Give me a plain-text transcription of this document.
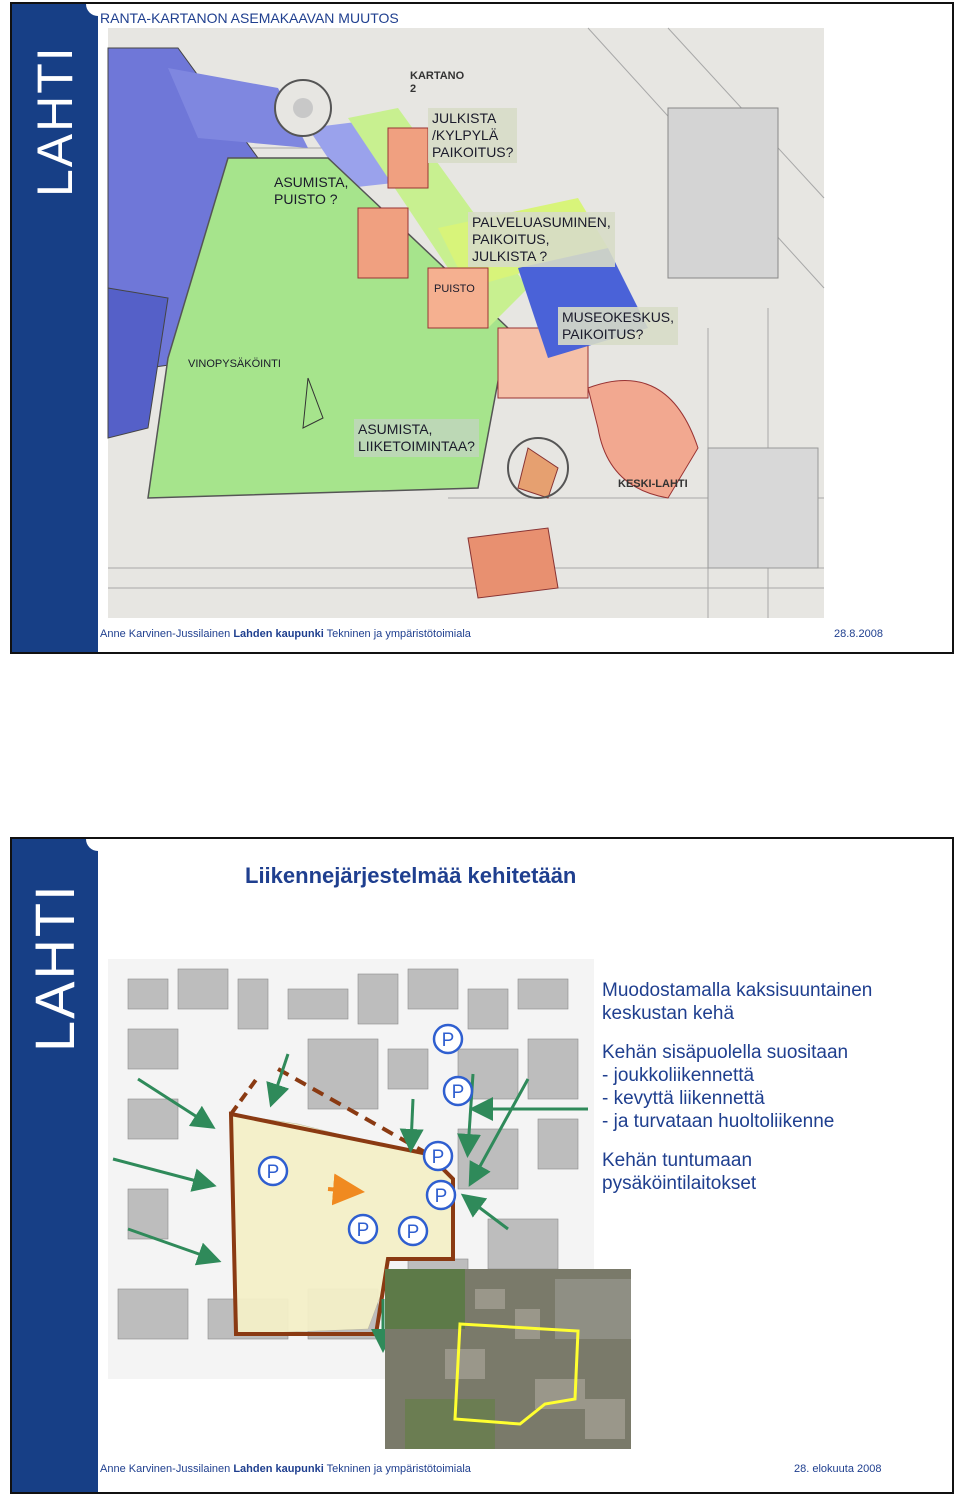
LAHTI
RANTA-KARTANON ASEMAKAAVAN MUUTOS
ASUMISTA,
PUISTO ?
JULKISTA
/KYLPYLÄ
PAIKOITUS?
KARTANO
2
PALVELUASUMINEN,
PAIKOITUS,
JULKISTA ?
PUISTO
MUSEOKESKUS,
PAIKOITUS?
VINOPYSÄKÖINTI
ASUMISTA,
LIIKETOIMINTAA?
KESKI-LAHTI
Anne Karvinen-Jussilainen Lahden kaupunki Tekninen ja ympäristötoimiala	28.8.2008
LAHTI
Liikennejärjestelmää kehitetään
P
P
P
P
P
P P

Muodostamalla kaksisuuntainen
keskustan kehä

Kehän sisäpuolella suositaan
- joukkoliikennettä
- kevyttä liikennettä
- ja turvataan huoltoliikenne

Kehän tuntumaan
pysäköintilaitokset

Anne Karvinen-Jussilainen Lahden kaupunki Tekninen ja ympäristötoimiala	28. elokuuta 2008
